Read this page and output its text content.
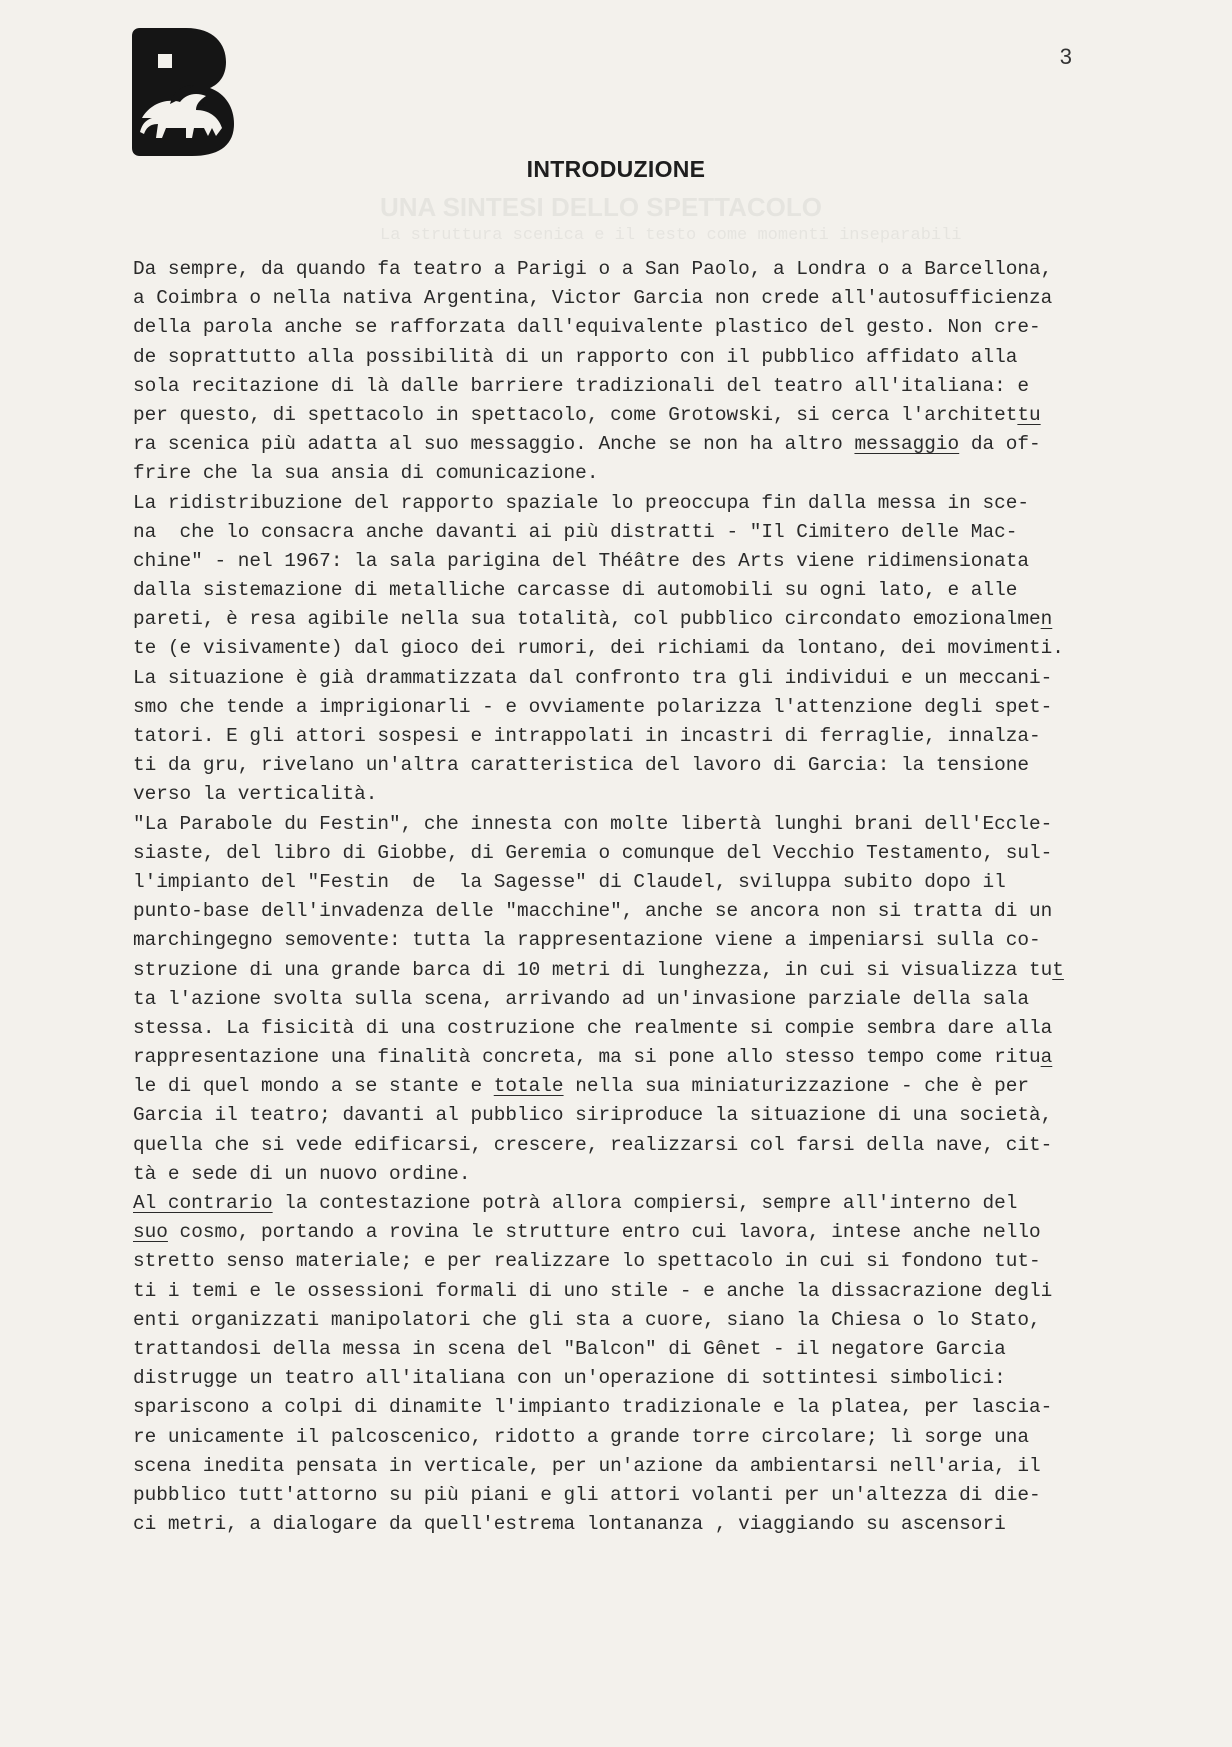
3
INTRODUZIONE
UNA SINTESI DELLO SPETTACOLO
La struttura scenica e il testo come momenti inseparabili
Da sempre, da quando fa teatro a Parigi o a San Paolo, a Londra o a Barcellona,
a Coimbra o nella nativa Argentina, Victor Garcia non crede all'autosufficienza
della parola anche se rafforzata dall'equivalente plastico del gesto. Non cre-
de soprattutto alla possibilità di un rapporto con il pubblico affidato alla
sola recitazione di là dalle barriere tradizionali del teatro all'italiana: e
per questo, di spettacolo in spettacolo, come Grotowski, si cerca l'architettu
ra scenica più adatta al suo messaggio. Anche se non ha altro messaggio da of-
frire che la sua ansia di comunicazione.
La ridistribuzione del rapporto spaziale lo preoccupa fin dalla messa in sce-
na  che lo consacra anche davanti ai più distratti - "Il Cimitero delle Mac-
chine" - nel 1967: la sala parigina del Théâtre des Arts viene ridimensionata
dalla sistemazione di metalliche carcasse di automobili su ogni lato, e alle
pareti, è resa agibile nella sua totalità, col pubblico circondato emozionalmen
te (e visivamente) dal gioco dei rumori, dei richiami da lontano, dei movimenti.
La situazione è già drammatizzata dal confronto tra gli individui e un meccani-
smo che tende a imprigionarli - e ovviamente polarizza l'attenzione degli spet-
tatori. E gli attori sospesi e intrappolati in incastri di ferraglie, innalza-
ti da gru, rivelano un'altra caratteristica del lavoro di Garcia: la tensione
verso la verticalità.
"La Parabole du Festin", che innesta con molte libertà lunghi brani dell'Eccle-
siaste, del libro di Giobbe, di Geremia o comunque del Vecchio Testamento, sul-
l'impianto del "Festin  de  la Sagesse" di Claudel, sviluppa subito dopo il
punto-base dell'invadenza delle "macchine", anche se ancora non si tratta di un
marchingegno semovente: tutta la rappresentazione viene a impeniarsi sulla co-
struzione di una grande barca di 10 metri di lunghezza, in cui si visualizza tut
ta l'azione svolta sulla scena, arrivando ad un'invasione parziale della sala
stessa. La fisicità di una costruzione che realmente si compie sembra dare alla
rappresentazione una finalità concreta, ma si pone allo stesso tempo come ritua
le di quel mondo a se stante e totale nella sua miniaturizzazione - che è per
Garcia il teatro; davanti al pubblico siriproduce la situazione di una società,
quella che si vede edificarsi, crescere, realizzarsi col farsi della nave, cit-
tà e sede di un nuovo ordine.
Al contrario la contestazione potrà allora compiersi, sempre all'interno del
suo cosmo, portando a rovina le strutture entro cui lavora, intese anche nello
stretto senso materiale; e per realizzare lo spettacolo in cui si fondono tut-
ti i temi e le ossessioni formali di uno stile - e anche la dissacrazione degli
enti organizzati manipolatori che gli sta a cuore, siano la Chiesa o lo Stato,
trattandosi della messa in scena del "Balcon" di Gênet - il negatore Garcia
distrugge un teatro all'italiana con un'operazione di sottintesi simbolici:
spariscono a colpi di dinamite l'impianto tradizionale e la platea, per lascia-
re unicamente il palcoscenico, ridotto a grande torre circolare; lì sorge una
scena inedita pensata in verticale, per un'azione da ambientarsi nell'aria, il
pubblico tutt'attorno su più piani e gli attori volanti per un'altezza di die-
ci metri, a dialogare da quell'estrema lontananza , viaggiando su ascensori
